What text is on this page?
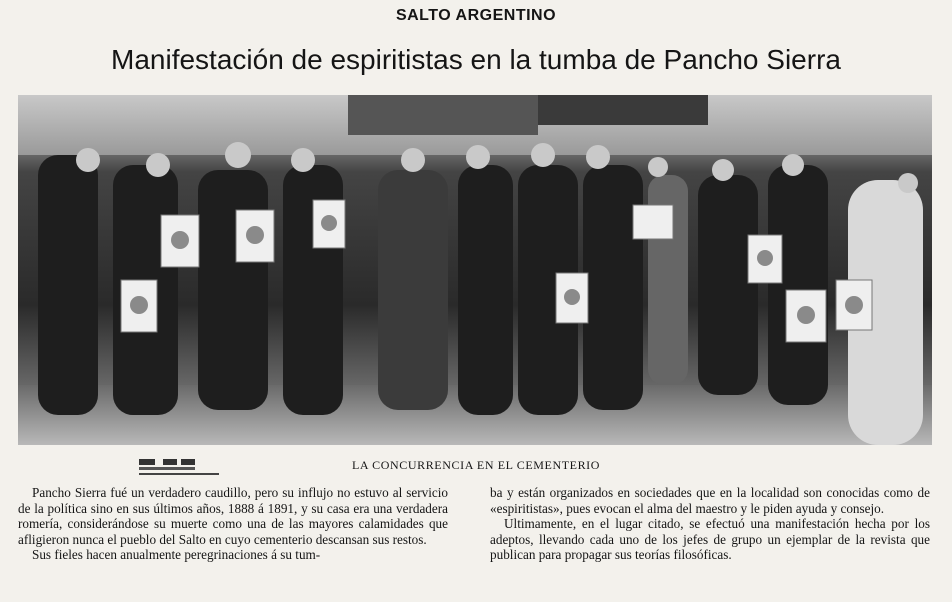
SALTO ARGENTINO
Manifestación de espiritistas en la tumba de Pancho Sierra
LA CONCURRENCIA EN EL CEMENTERIO

Pancho Sierra fué un verdadero caudillo, pero su influjo no estuvo al servicio de la política sino en sus últimos años, 1888 á 1891, y su casa era una verdadera romería, considerándose su muerte como una de las mayores calamidades que afligieron nunca el pueblo del Salto en cuyo cementerio descansan sus restos.

Sus fieles hacen anualmente peregrinaciones á su tum-

ba y están organizados en sociedades que en la localidad son conocidas como de «espiritistas», pues evocan el alma del maestro y le piden ayuda y consejo.

Ultimamente, en el lugar citado, se efectuó una manifestación hecha por los adeptos, llevando cada uno de los jefes de grupo un ejemplar de la revista que publican para propagar sus teorías filosóficas.
